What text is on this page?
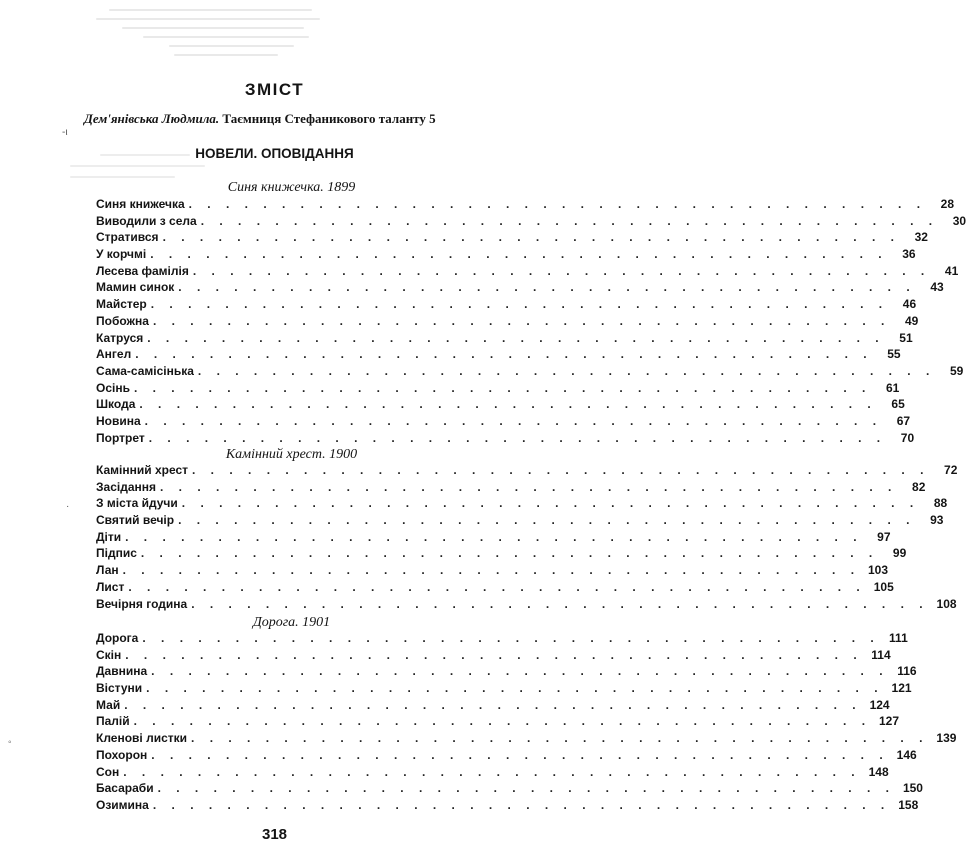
-ι
·
◦
ЗМІСТ
Дем'янівська Людмила. Таємниця Стефаникового таланту 5
НОВЕЛИ. ОПОВІДАННЯ
Синя книжечка. 1899
Синя книжечка . . . . . . . . . . . . . . . . . . . . . . . . . . . . . . . . . . . . . . . .	28
Виводили з села . . . . . . . . . . . . . . . . . . . . . . . . . . . . . . . . . . . . . . . .	30
Стратився . . . . . . . . . . . . . . . . . . . . . . . . . . . . . . . . . . . . . . . .	32
У корчмі . . . . . . . . . . . . . . . . . . . . . . . . . . . . . . . . . . . . . . . .	36
Лесева фамілія . . . . . . . . . . . . . . . . . . . . . . . . . . . . . . . . . . . . . . . .	41
Мамин синок . . . . . . . . . . . . . . . . . . . . . . . . . . . . . . . . . . . . . . . .	43
Майстер . . . . . . . . . . . . . . . . . . . . . . . . . . . . . . . . . . . . . . . .	46
Побожна . . . . . . . . . . . . . . . . . . . . . . . . . . . . . . . . . . . . . . . .	49
Катруся . . . . . . . . . . . . . . . . . . . . . . . . . . . . . . . . . . . . . . . .	51
Ангел . . . . . . . . . . . . . . . . . . . . . . . . . . . . . . . . . . . . . . . .	55
Сама-самісінька . . . . . . . . . . . . . . . . . . . . . . . . . . . . . . . . . . . . . . . .	59
Осінь . . . . . . . . . . . . . . . . . . . . . . . . . . . . . . . . . . . . . . . .	61
Шкода . . . . . . . . . . . . . . . . . . . . . . . . . . . . . . . . . . . . . . . .	65
Новина . . . . . . . . . . . . . . . . . . . . . . . . . . . . . . . . . . . . . . . .	67
Портрет . . . . . . . . . . . . . . . . . . . . . . . . . . . . . . . . . . . . . . . .	70
Камінний хрест. 1900
Камінний хрест . . . . . . . . . . . . . . . . . . . . . . . . . . . . . . . . . . . . . . . .	72
Засідання . . . . . . . . . . . . . . . . . . . . . . . . . . . . . . . . . . . . . . . .	82
З міста йдучи . . . . . . . . . . . . . . . . . . . . . . . . . . . . . . . . . . . . . . . .	88
Святий вечір . . . . . . . . . . . . . . . . . . . . . . . . . . . . . . . . . . . . . . . .	93
Діти . . . . . . . . . . . . . . . . . . . . . . . . . . . . . . . . . . . . . . . .	97
Підпис . . . . . . . . . . . . . . . . . . . . . . . . . . . . . . . . . . . . . . . .	99
Лан . . . . . . . . . . . . . . . . . . . . . . . . . . . . . . . . . . . . . . . . 103
Лист . . . . . . . . . . . . . . . . . . . . . . . . . . . . . . . . . . . . . . . . 105
Вечірня година . . . . . . . . . . . . . . . . . . . . . . . . . . . . . . . . . . . . . . . . 108
Дорога. 1901
Дорога . . . . . . . . . . . . . . . . . . . . . . . . . . . . . . . . . . . . . . . . 111
Скін . . . . . . . . . . . . . . . . . . . . . . . . . . . . . . . . . . . . . . . . 114
Давнина . . . . . . . . . . . . . . . . . . . . . . . . . . . . . . . . . . . . . . . . 116
Вістуни . . . . . . . . . . . . . . . . . . . . . . . . . . . . . . . . . . . . . . . . 121
Май . . . . . . . . . . . . . . . . . . . . . . . . . . . . . . . . . . . . . . . . 124
Палій . . . . . . . . . . . . . . . . . . . . . . . . . . . . . . . . . . . . . . . . 127
Кленові листки . . . . . . . . . . . . . . . . . . . . . . . . . . . . . . . . . . . . . . . . 139
Похорон . . . . . . . . . . . . . . . . . . . . . . . . . . . . . . . . . . . . . . . . 146
Сон . . . . . . . . . . . . . . . . . . . . . . . . . . . . . . . . . . . . . . . . 148
Басараби . . . . . . . . . . . . . . . . . . . . . . . . . . . . . . . . . . . . . . . . 150
Озимина . . . . . . . . . . . . . . . . . . . . . . . . . . . . . . . . . . . . . . . . 158
318
